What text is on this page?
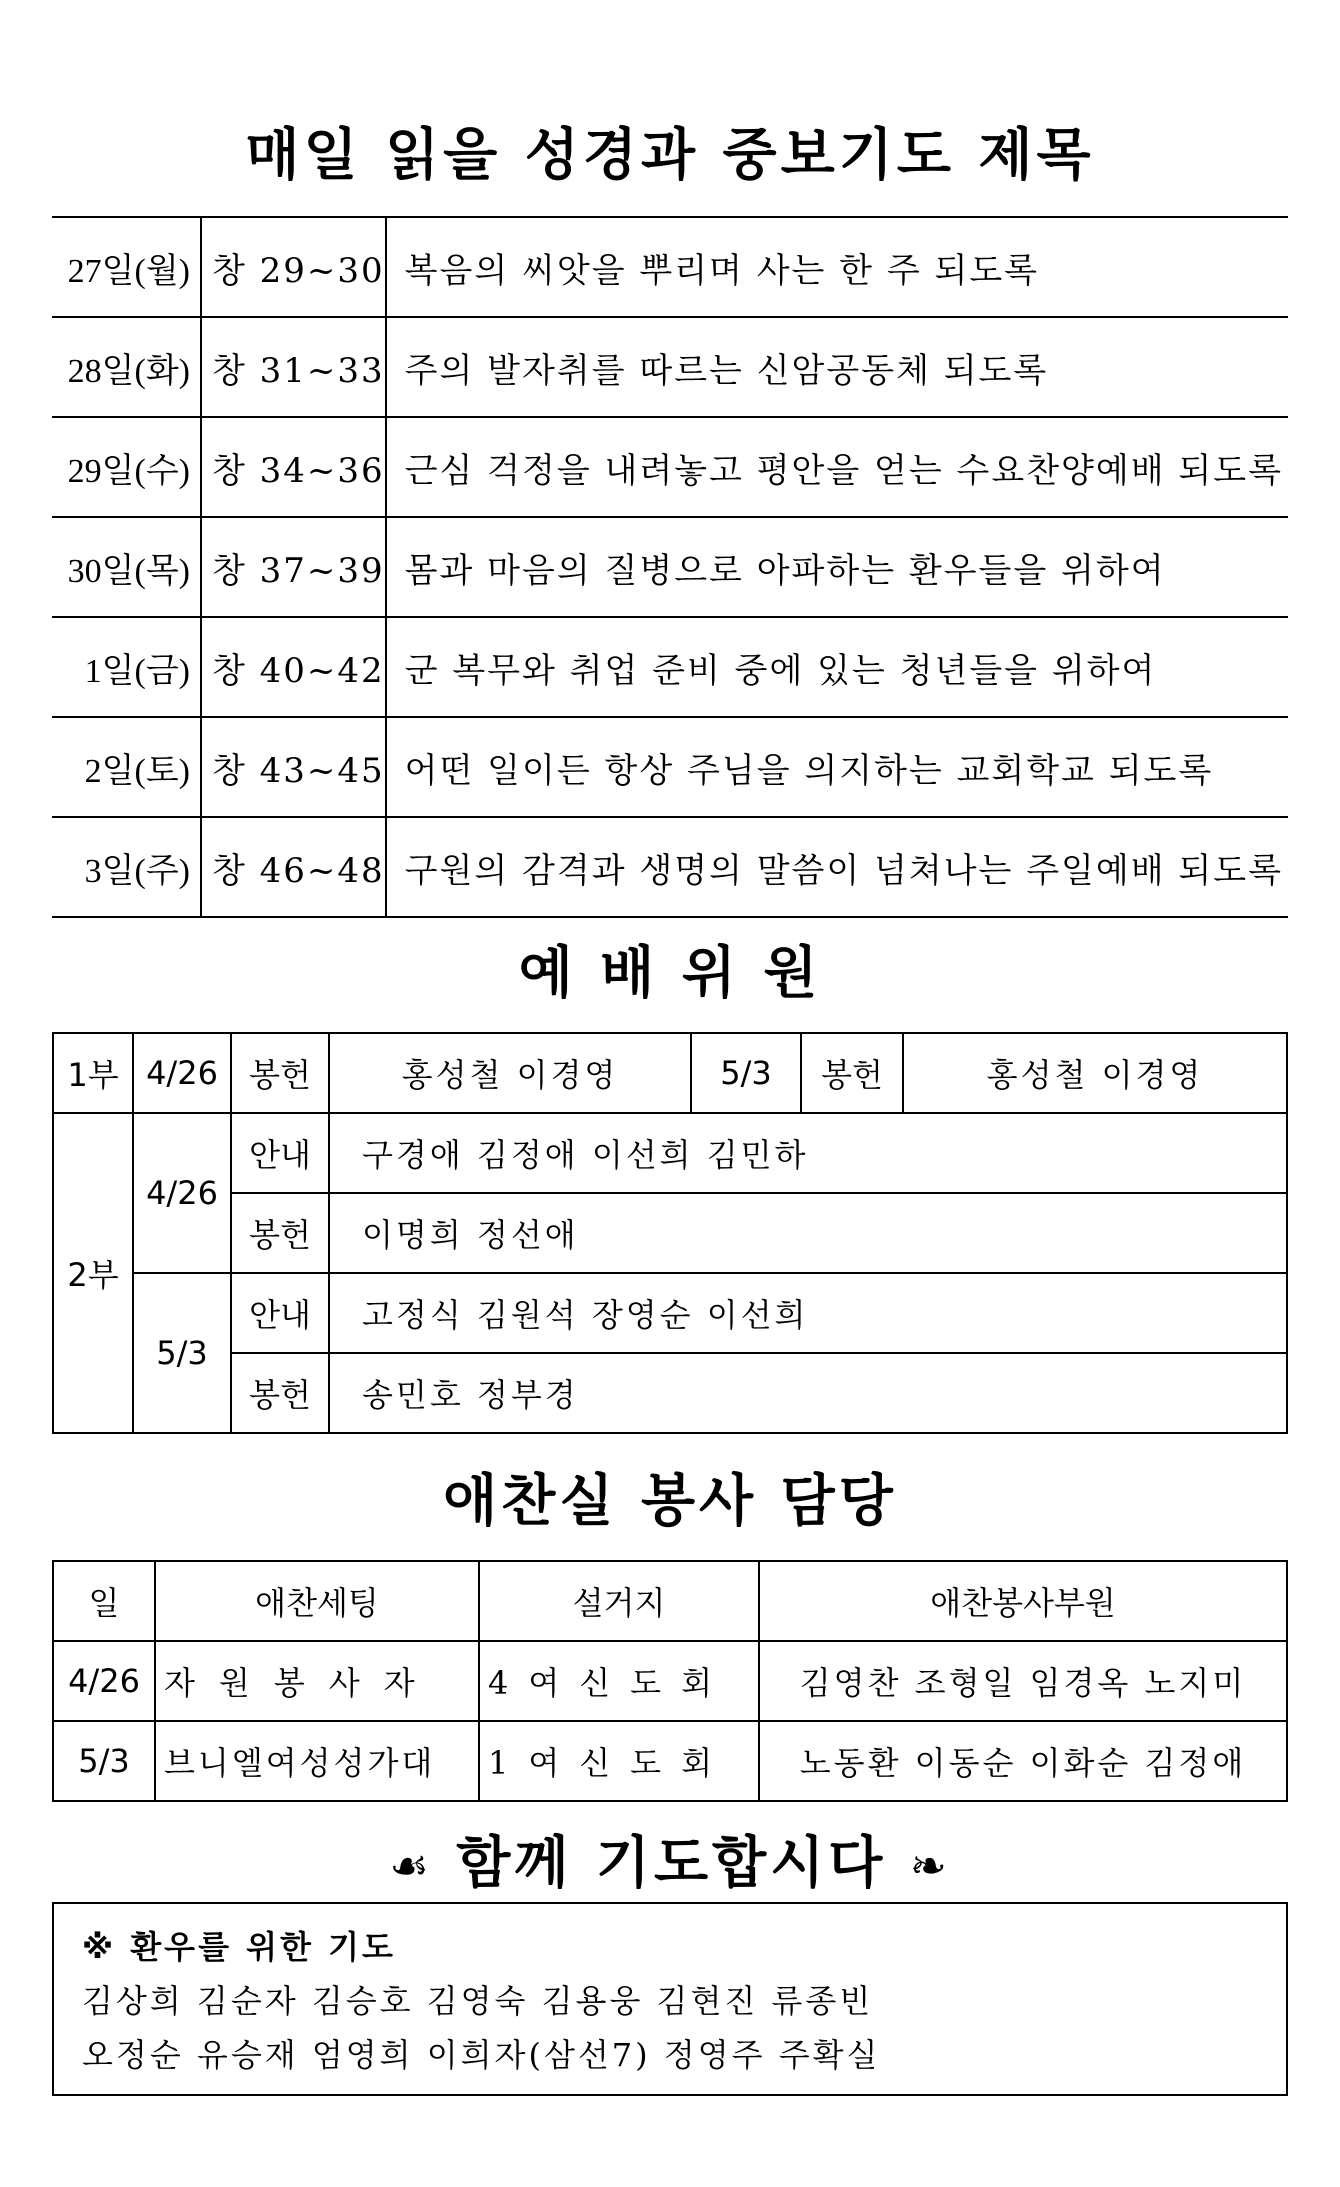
매일 읽을 성경과 중보기도 제목
27일(월)	창 29~30	복음의 씨앗을 뿌리며 사는 한 주 되도록
28일(화)	창 31~33	주의 발자취를 따르는 신암공동체 되도록
29일(수)	창 34~36	근심 걱정을 내려놓고 평안을 얻는 수요찬양예배 되도록
30일(목)	창 37~39	몸과 마음의 질병으로 아파하는 환우들을 위하여
1일(금)	창 40~42	군 복무와 취업 준비 중에 있는 청년들을 위하여
2일(토)	창 43~45	어떤 일이든 항상 주님을 의지하는 교회학교 되도록
3일(주)	창 46~48	구원의 감격과 생명의 말씀이 넘쳐나는 주일예배 되도록
예 배 위 원
1부	4/26	봉헌	홍성철 이경영	5/3	봉헌	홍성철 이경영
2부	4/26	안내	구경애 김정애 이선희 김민하			
		봉헌	이명희 정선애			
	5/3	안내	고정식 김원석 장영순 이선희			
		봉헌	송민호 정부경			
애찬실 봉사 담당
일	애찬세팅	설거지	애찬봉사부원
4/26	자원봉사자	4여신도회	김영찬 조형일 임경옥 노지미
5/3	브니엘여성성가대	1여신도회	노동환 이동순 이화순 김정애
☙ 함께 기도합시다 ❧
※ 환우를 위한 기도
김상희 김순자 김승호 김영숙 김용웅 김현진 류종빈
오정순 유승재 엄영희 이희자(삼선7) 정영주 주확실
